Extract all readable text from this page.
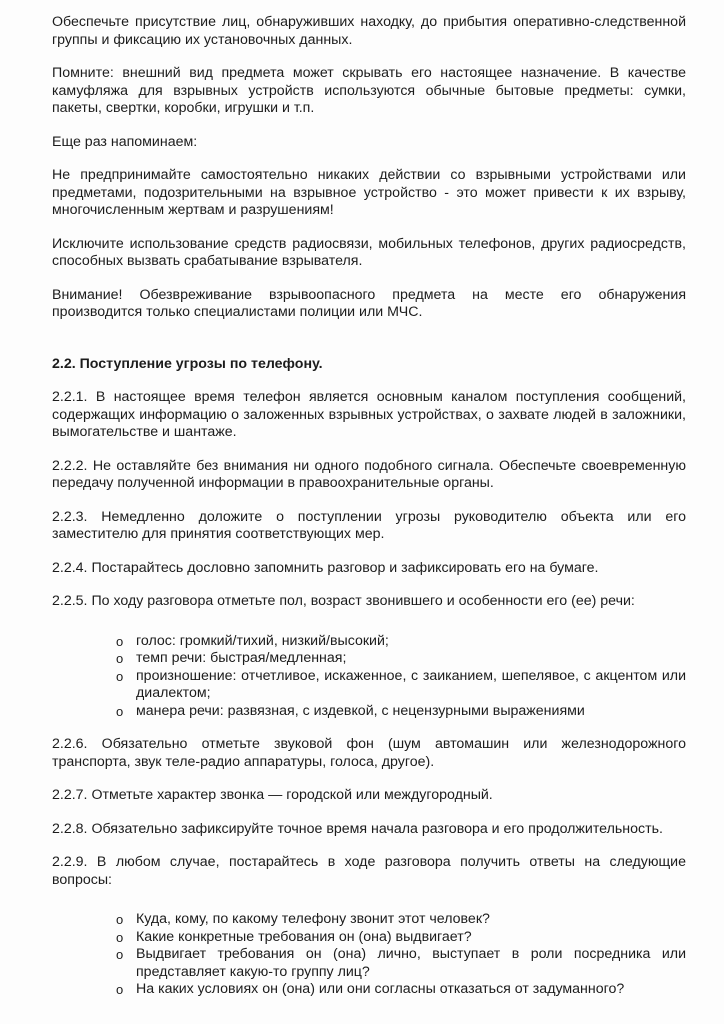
Обеспечьте присутствие лиц, обнаруживших находку, до прибытия оперативно-следственной группы и фиксацию их установочных данных.

Помните: внешний вид предмета может скрывать его настоящее назначение. В качестве камуфляжа для взрывных устройств используются обычные бытовые предметы: сумки, пакеты, свертки, коробки, игрушки и т.п.

Еще раз напоминаем:

Не предпринимайте самостоятельно никаких действии со взрывными устройствами или предметами, подозрительными на взрывное устройство - это может привести к их взрыву, многочисленным жертвам и разрушениям!

Исключите использование средств радиосвязи, мобильных телефонов, других радиосредств, способных вызвать срабатывание взрывателя.

Внимание! Обезвреживание взрывоопасного предмета на месте его обнаружения производится только специалистами полиции или МЧС.

2.2. Поступление угрозы по телефону.

2.2.1. В настоящее время телефон является основным каналом поступления сообщений, содержащих информацию о заложенных взрывных устройствах, о захвате людей в заложники, вымогательстве и шантаже.

2.2.2. Не оставляйте без внимания ни одного подобного сигнала. Обеспечьте своевременную передачу полученной информации в правоохранительные органы.

2.2.3. Немедленно доложите о поступлении угрозы руководителю объекта или его заместителю для принятия соответствующих мер.

2.2.4. Постарайтесь дословно запомнить разговор и зафиксировать его на бумаге.

2.2.5. По ходу разговора отметьте пол, возраст звонившего и особенности его (ее) речи:

o голос: громкий/тихий, низкий/высокий;
o темп речи: быстрая/медленная;
o произношение: отчетливое, искаженное, с заиканием, шепелявое, с акцентом или диалектом;
o манера речи: развязная, с издевкой, с нецензурными выражениями

2.2.6. Обязательно отметьте звуковой фон (шум автомашин или железнодорожного транспорта, звук теле-радио аппаратуры, голоса, другое).

2.2.7. Отметьте характер звонка — городской или междугородный.

2.2.8. Обязательно зафиксируйте точное время начала разговора и его продолжительность.

2.2.9. В любом случае, постарайтесь в ходе разговора получить ответы на следующие вопросы:

o Куда, кому, по какому телефону звонит этот человек?
o Какие конкретные требования он (она) выдвигает?
o Выдвигает требования он (она) лично, выступает в роли посредника или представляет какую-то группу лиц?
o На каких условиях он (она) или они согласны отказаться от задуманного?
